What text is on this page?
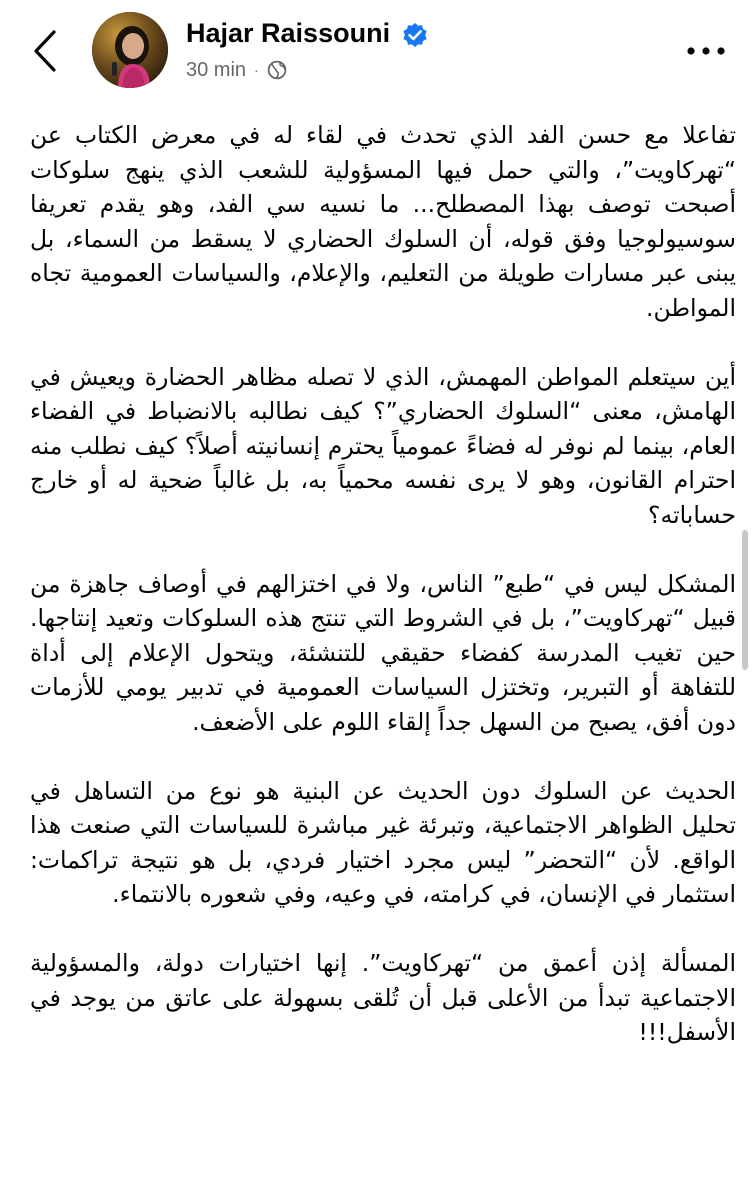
Hajar Raissouni
30 min ·

تفاعلا مع حسن الفد الذي تحدث في لقاء له في معرض الكتاب عن “تهركاويت”، والتي حمل فيها المسؤولية للشعب الذي ينهج سلوكات أصبحت توصف بهذا المصطلح... ما نسيه سي الفد، وهو يقدم تعريفا سوسيولوجيا وفق قوله، أن السلوك الحضاري لا يسقط من السماء، بل يبنى عبر مسارات طويلة من التعليم، والإعلام، والسياسات العمومية تجاه المواطن.

أين سيتعلم المواطن المهمش، الذي لا تصله مظاهر الحضارة ويعيش في الهامش، معنى “السلوك الحضاري”؟ كيف نطالبه بالانضباط في الفضاء العام، بينما لم نوفر له فضاءً عمومياً يحترم إنسانيته أصلاً؟ كيف نطلب منه احترام القانون، وهو لا يرى نفسه محمياً به، بل غالباً ضحية له أو خارج حساباته؟

المشكل ليس في “طبع” الناس، ولا في اختزالهم في أوصاف جاهزة من قبيل “تهركاويت”، بل في الشروط التي تنتج هذه السلوكات وتعيد إنتاجها. حين تغيب المدرسة كفضاء حقيقي للتنشئة، ويتحول الإعلام إلى أداة للتفاهة أو التبرير، وتختزل السياسات العمومية في تدبير يومي للأزمات دون أفق، يصبح من السهل جداً إلقاء اللوم على الأضعف.

الحديث عن السلوك دون الحديث عن البنية هو نوع من التساهل في تحليل الظواهر الاجتماعية، وتبرئة غير مباشرة للسياسات التي صنعت هذا الواقع. لأن “التحضر” ليس مجرد اختيار فردي، بل هو نتيجة تراكمات: استثمار في الإنسان، في كرامته، في وعيه، وفي شعوره بالانتماء.

المسألة إذن أعمق من “تهركاويت”. إنها اختيارات دولة، والمسؤولية الاجتماعية تبدأ من الأعلى قبل أن تُلقى بسهولة على عاتق من يوجد في الأسفل!!!
